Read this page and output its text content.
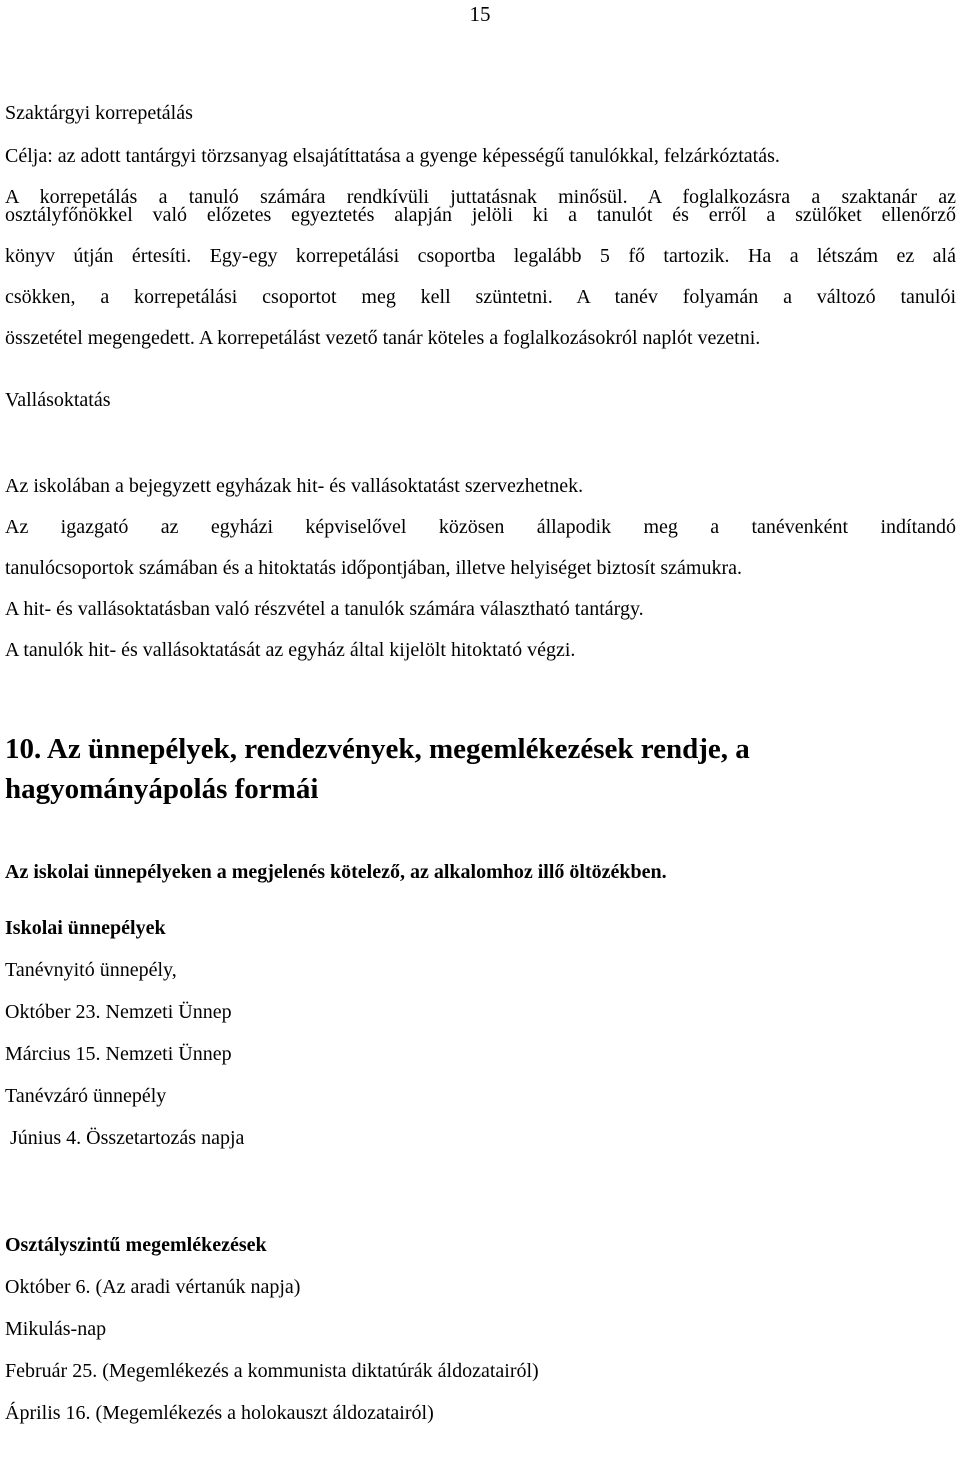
15
Szaktárgyi korrepetálás
Célja: az adott tantárgyi törzsanyag elsajátíttatása a gyenge képességű tanulókkal, felzárkóztatás.
A korrepetálás a tanuló számára rendkívüli juttatásnak minősül. A foglalkozásra a szaktanár az
osztályfőnökkel való előzetes egyeztetés alapján jelöli ki a tanulót és erről a szülőket ellenőrző
könyv útján értesíti. Egy-egy korrepetálási csoportba legalább 5 fő tartozik. Ha a létszám ez alá
csökken, a korrepetálási csoportot meg kell szüntetni. A tanév folyamán a változó tanulói
összetétel megengedett. A korrepetálást vezető tanár köteles a foglalkozásokról naplót vezetni.
Vallásoktatás
Az iskolában a bejegyzett egyházak hit- és vallásoktatást szervezhetnek.
Az igazgató az egyházi képviselővel közösen állapodik meg a tanévenként indítandó
tanulócsoportok számában és a hitoktatás időpontjában, illetve helyiséget biztosít számukra.
A hit- és vallásoktatásban való részvétel a tanulók számára választható tantárgy.
A tanulók hit- és vallásoktatását az egyház által kijelölt hitoktató végzi.
10. Az ünnepélyek, rendezvények, megemlékezések rendje, a
hagyományápolás formái
Az iskolai ünnepélyeken a megjelenés kötelező, az alkalomhoz illő öltözékben.
Iskolai ünnepélyek
Tanévnyitó ünnepély,
Október 23. Nemzeti Ünnep
Március 15. Nemzeti Ünnep
Tanévzáró ünnepély
Június 4. Összetartozás napja
Osztályszintű megemlékezések
Október 6. (Az aradi vértanúk napja)
Mikulás-nap
Február 25. (Megemlékezés a kommunista diktatúrák áldozatairól)
Április 16. (Megemlékezés a holokauszt áldozatairól)
